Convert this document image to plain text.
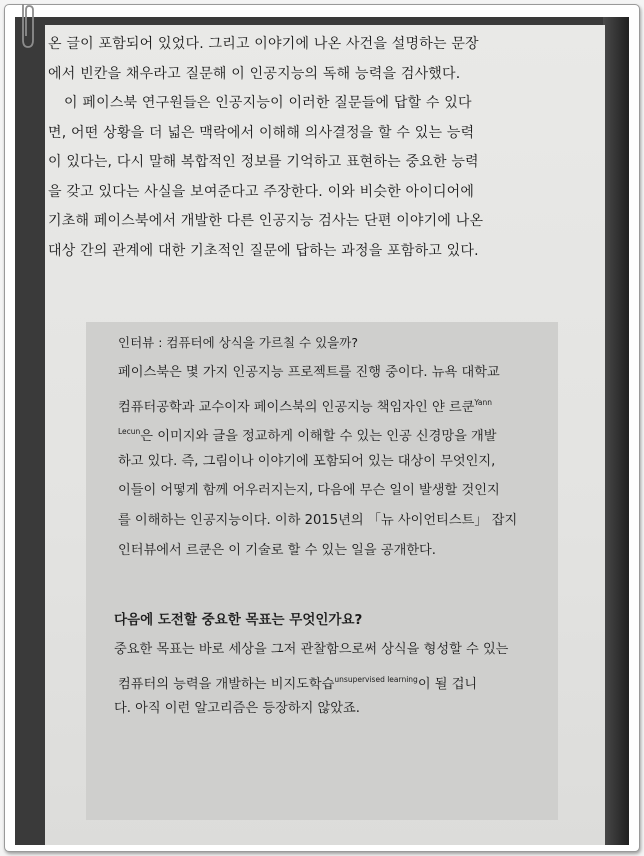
온 글이 포함되어 있었다. 그리고 이야기에 나온 사건을 설명하는 문장
에서 빈칸을 채우라고 질문해 이 인공지능의 독해 능력을 검사했다.

이 페이스북 연구원들은 인공지능이 이러한 질문들에 답할 수 있다
면, 어떤 상황을 더 넓은 맥락에서 이해해 의사결정을 할 수 있는 능력
이 있다는, 다시 말해 복합적인 정보를 기억하고 표현하는 중요한 능력
을 갖고 있다는 사실을 보여준다고 주장한다. 이와 비슷한 아이디어에
기초해 페이스북에서 개발한 다른 인공지능 검사는 단편 이야기에 나온
대상 간의 관계에 대한 기초적인 질문에 답하는 과정을 포함하고 있다.

인터뷰 : 컴퓨터에 상식을 가르칠 수 있을까?
페이스북은 몇 가지 인공지능 프로젝트를 진행 중이다. 뉴욕 대학교
컴퓨터공학과 교수이자 페이스북의 인공지능 책임자인 얀 르쿤$^{Yann}$
$^{Lecun}$은 이미지와 글을 정교하게 이해할 수 있는 인공 신경망을 개발
하고 있다. 즉, 그림이나 이야기에 포함되어 있는 대상이 무엇인지,
이들이 어떻게 함께 어우러지는지, 다음에 무슨 일이 발생할 것인지
를 이해하는 인공지능이다. 이하 2015년의 「뉴 사이언티스트」 잡지
인터뷰에서 르쿤은 이 기술로 할 수 있는 일을 공개한다.
다음에 도전할 중요한 목표는 무엇인가요?
중요한 목표는 바로 세상을 그저 관찰함으로써 상식을 형성할 수 있는
컴퓨터의 능력을 개발하는 비지도학습$^{unsupervised learning}$이 될 겁니
다. 아직 이런 알고리즘은 등장하지 않았죠.
